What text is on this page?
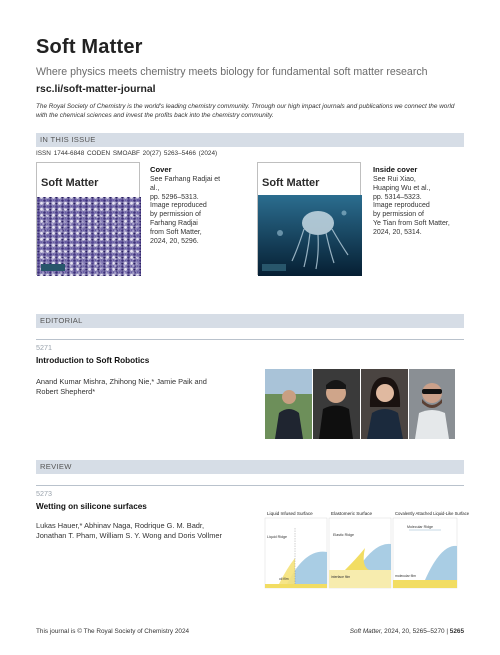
Soft Matter
Where physics meets chemistry meets biology for fundamental soft matter research
rsc.li/soft-matter-journal
The Royal Society of Chemistry is the world's leading chemistry community. Through our high impact journals and publications we connect the world with the chemical sciences and invest the profits back into the chemistry community.
IN THIS ISSUE
ISSN 1744-6848 CODEN SMOABF 20(27) 5263–5466 (2024)
Soft Matter
Cover
See Farhang Radjai et al.,
pp. 5296–5313.
Image reproduced
by permission of
Farhang Radjai
from Soft Matter,
2024, 20, 5296.
Soft Matter
Inside cover
See Rui Xiao,
Huaping Wu et al.,
pp. 5314–5323.
Image reproduced
by permission of
Ye Tian from Soft Matter,
2024, 20, 5314.
EDITORIAL
5271
Introduction to Soft Robotics
Anand Kumar Mishra, Zhihong Nie,* Jamie Paik and
Robert Shepherd*
REVIEW
5273
Wetting on silicone surfaces
Lukas Hauer,* Abhinav Naga, Rodrique G. M. Badr,
Jonathan T. Pham, William S. Y. Wong and Doris Vollmer
Liquid Infused Surface
Liquid Ridge
oil film
Elastomeric Surface
Elastic Ridge
interface film
Covalently Attached Liquid-Like Surface
Molecular Ridge
molecular film
This journal is © The Royal Society of Chemistry 2024	Soft Matter, 2024, 20, 5265–5270 | 5265
